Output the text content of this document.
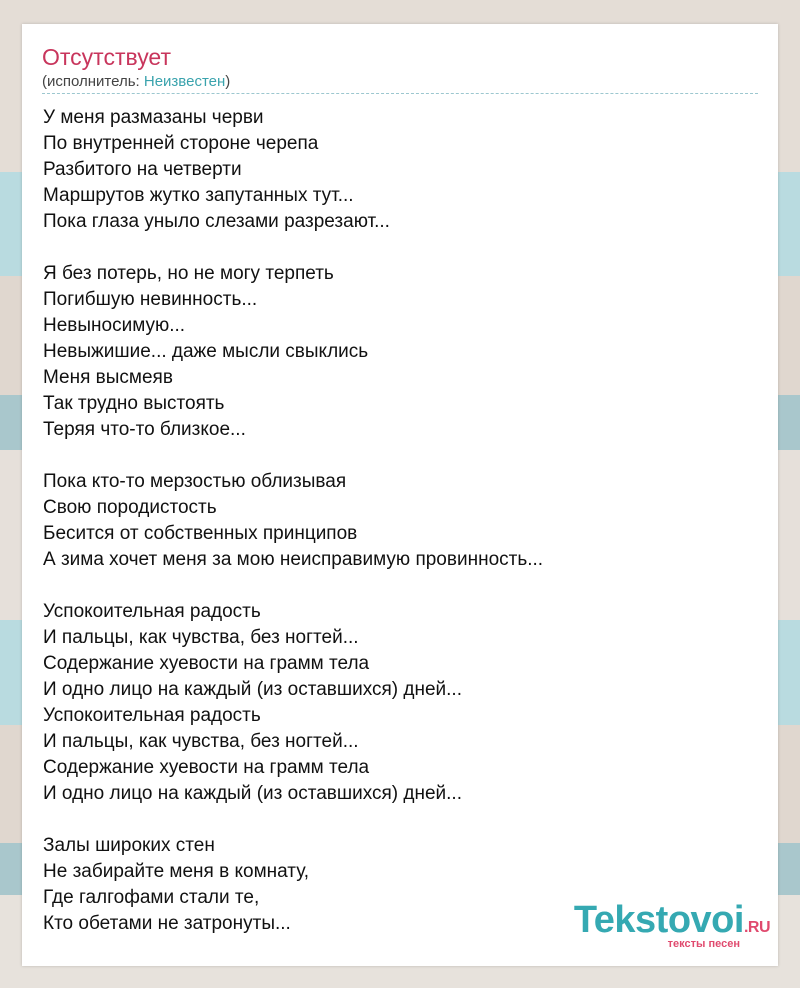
Отсутствует
(исполнитель: Неизвестен)
У меня размазаны черви
По внутренней стороне черепа
Разбитого на четверти
Маршрутов жутко запутанных тут...
Пока глаза уныло слезами разрезают...
Я без потерь, но не могу терпеть
Погибшую невинность...
Невыносимую...
Невыжишие... даже мысли свыклись
Меня высмеяв
Так трудно выстоять
Теряя что-то близкое...
Пока кто-то мерзостью облизывая
Свою породистость
Бесится от собственных принципов
А зима хочет меня за мою неисправимую провинность...
Успокоительная радость
И пальцы, как чувства, без ногтей...
Содержание хуевости на грамм тела
И одно лицо на каждый (из оставшихся) дней...
Успокоительная радость
И пальцы, как чувства, без ногтей...
Содержание хуевости на грамм тела
И одно лицо на каждый (из оставшихся) дней...
Залы широких стен
Не забирайте меня в комнату,
Где галгофами стали те,
Кто обетами не затронуты...	Tekstovoi.RU
тексты песен
